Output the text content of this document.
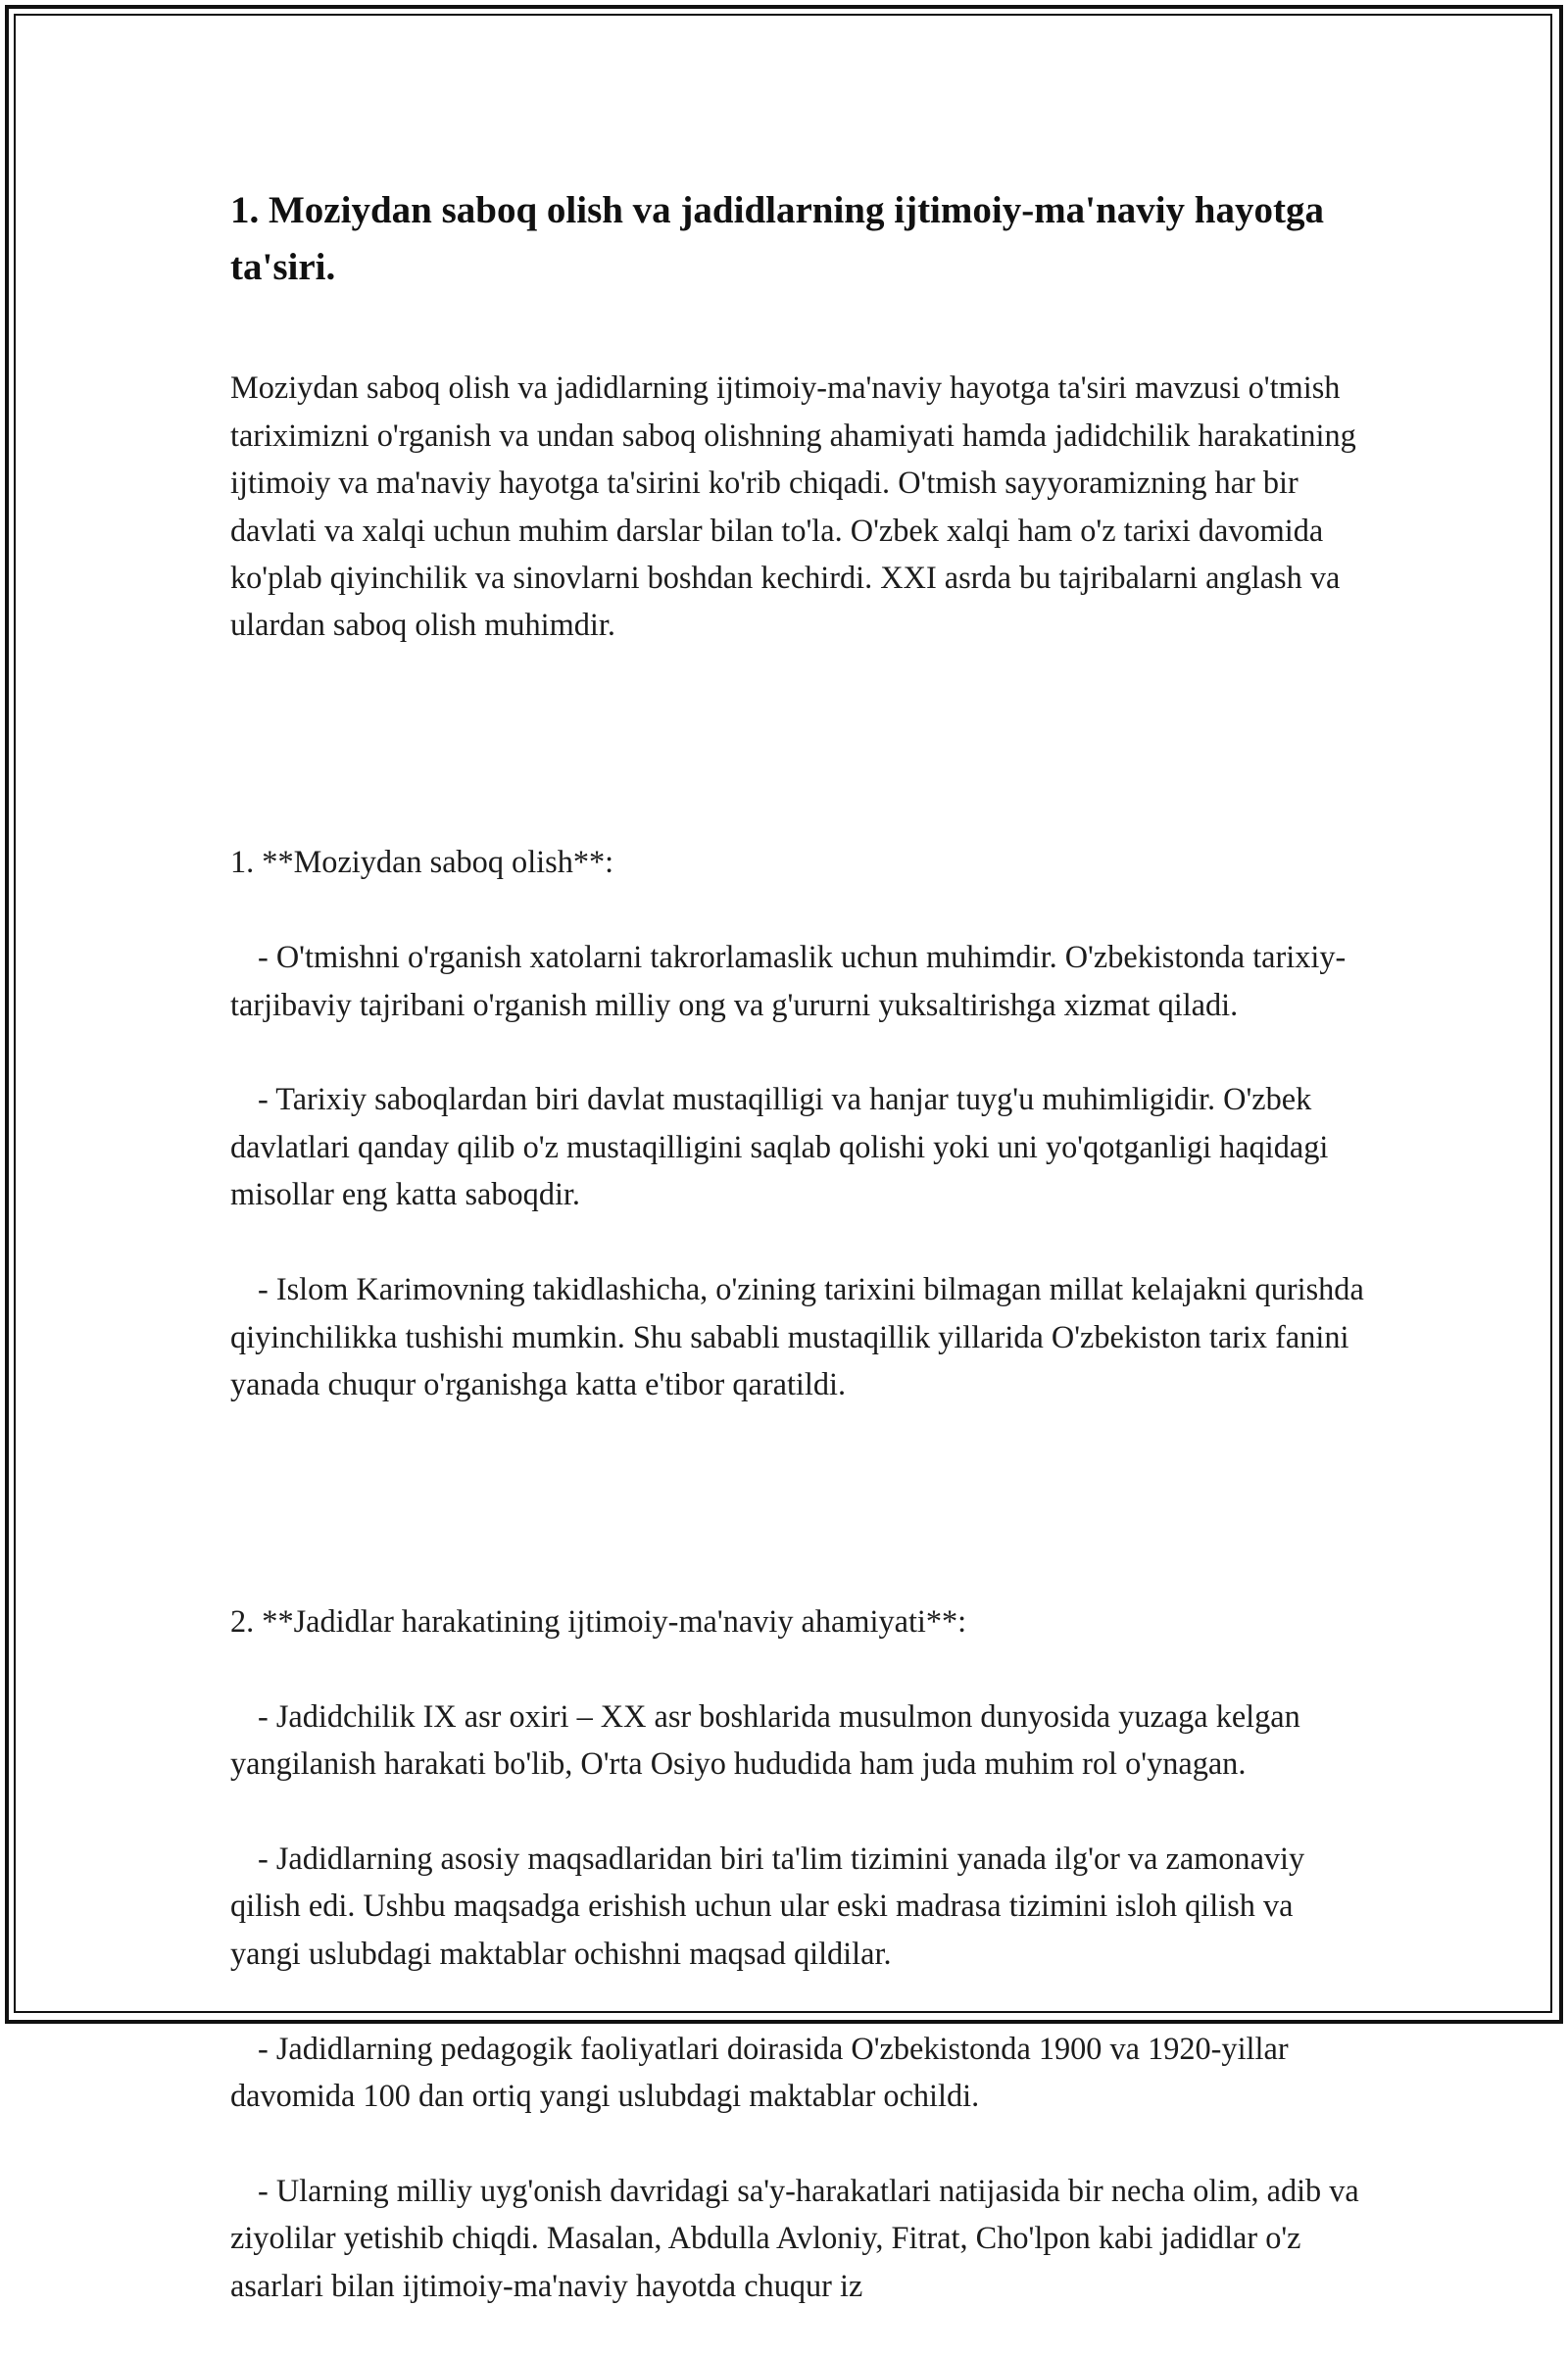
1. Moziydan saboq olish va jadidlarning ijtimoiy-ma'naviy hayotga ta'siri.

Moziydan saboq olish va jadidlarning ijtimoiy-ma'naviy hayotga ta'siri mavzusi o'tmish tariximizni o'rganish va undan saboq olishning ahamiyati hamda jadidchilik harakatining ijtimoiy va ma'naviy hayotga ta'sirini ko'rib chiqadi. O'tmish sayyoramizning har bir davlati va xalqi uchun muhim darslar bilan to'la. O'zbek xalqi ham o'z tarixi davomida ko'plab qiyinchilik va sinovlarni boshdan kechirdi. XXI asrda bu tajribalarni anglash va ulardan saboq olish muhimdir.

1. **Moziydan saboq olish**:

- O'tmishni o'rganish xatolarni takrorlamaslik uchun muhimdir. O'zbekistonda tarixiy-tarjibaviy tajribani o'rganish milliy ong va g'ururni yuksaltirishga xizmat qiladi.

- Tarixiy saboqlardan biri davlat mustaqilligi va hanjar tuyg'u muhimligidir. O'zbek davlatlari qanday qilib o'z mustaqilligini saqlab qolishi yoki uni yo'qotganligi haqidagi misollar eng katta saboqdir.

- Islom Karimovning takidlashicha, o'zining tarixini bilmagan millat kelajakni qurishda qiyinchilikka tushishi mumkin. Shu sababli mustaqillik yillarida O'zbekiston tarix fanini yanada chuqur o'rganishga katta e'tibor qaratildi.

2. **Jadidlar harakatining ijtimoiy-ma'naviy ahamiyati**:

- Jadidchilik IX asr oxiri – XX asr boshlarida musulmon dunyosida yuzaga kelgan yangilanish harakati bo'lib, O'rta Osiyo hududida ham juda muhim rol o'ynagan.

- Jadidlarning asosiy maqsadlaridan biri ta'lim tizimini yanada ilg'or va zamonaviy qilish edi. Ushbu maqsadga erishish uchun ular eski madrasa tizimini isloh qilish va yangi uslubdagi maktablar ochishni maqsad qildilar.

- Jadidlarning pedagogik faoliyatlari doirasida O'zbekistonda 1900 va 1920-yillar davomida 100 dan ortiq yangi uslubdagi maktablar ochildi.

- Ularning milliy uyg'onish davridagi sa'y-harakatlari natijasida bir necha olim, adib va ziyolilar yetishib chiqdi. Masalan, Abdulla Avloniy, Fitrat, Cho'lpon kabi jadidlar o'z asarlari bilan ijtimoiy-ma'naviy hayotda chuqur iz
